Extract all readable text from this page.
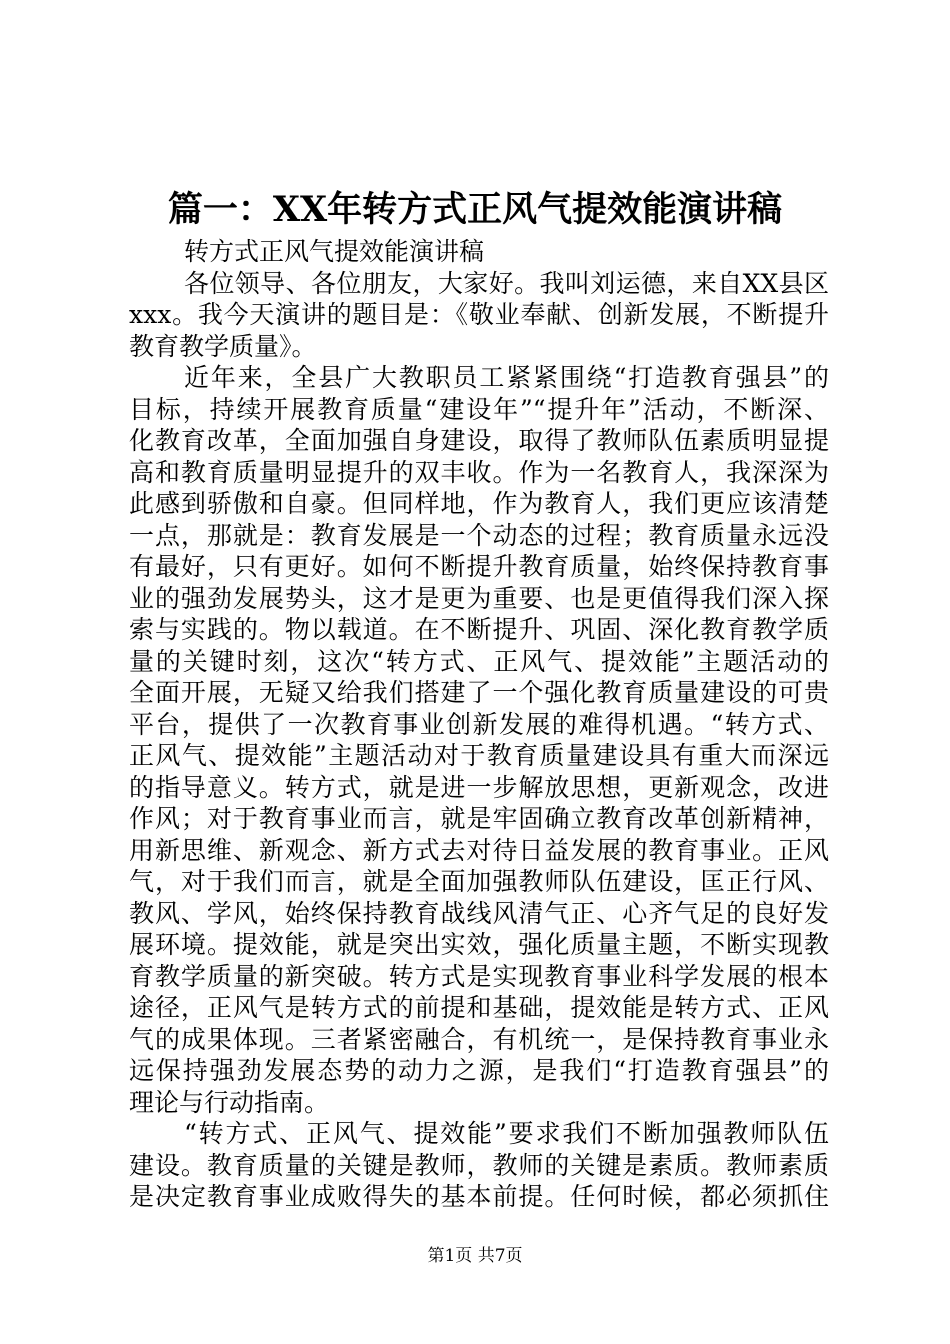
篇一：XX年转方式正风气提效能演讲稿
转方式正风气提效能演讲稿
各位领导、各位朋友，大家好。我叫刘运德，来自XX县区
xxx。我今天演讲的题目是：《敬业奉献、创新发展，不断提升
教育教学质量》。
近年来，全县广大教职员工紧紧围绕“打造教育强县”的
目标，持续开展教育质量“建设年”“提升年”活动，不断深、
化教育改革，全面加强自身建设，取得了教师队伍素质明显提
高和教育质量明显提升的双丰收。作为一名教育人，我深深为
此感到骄傲和自豪。但同样地，作为教育人，我们更应该清楚
一点，那就是：教育发展是一个动态的过程；教育质量永远没
有最好，只有更好。如何不断提升教育质量，始终保持教育事
业的强劲发展势头，这才是更为重要、也是更值得我们深入探
索与实践的。物以载道。在不断提升、巩固、深化教育教学质
量的关键时刻，这次“转方式、正风气、提效能”主题活动的
全面开展，无疑又给我们搭建了一个强化教育质量建设的可贵
平台，提供了一次教育事业创新发展的难得机遇。“转方式、
正风气、提效能”主题活动对于教育质量建设具有重大而深远
的指导意义。转方式，就是进一步解放思想，更新观念，改进
作风；对于教育事业而言，就是牢固确立教育改革创新精神，
用新思维、新观念、新方式去对待日益发展的教育事业。正风
气，对于我们而言，就是全面加强教师队伍建设，匡正行风、
教风、学风，始终保持教育战线风清气正、心齐气足的良好发
展环境。提效能，就是突出实效，强化质量主题，不断实现教
育教学质量的新突破。转方式是实现教育事业科学发展的根本
途径，正风气是转方式的前提和基础，提效能是转方式、正风
气的成果体现。三者紧密融合，有机统一，是保持教育事业永
远保持强劲发展态势的动力之源，是我们“打造教育强县”的
理论与行动指南。
“转方式、正风气、提效能”要求我们不断加强教师队伍
建设。教育质量的关键是教师，教师的关键是素质。教师素质
是决定教育事业成败得失的基本前提。任何时候，都必须抓住
第1页 共7页
